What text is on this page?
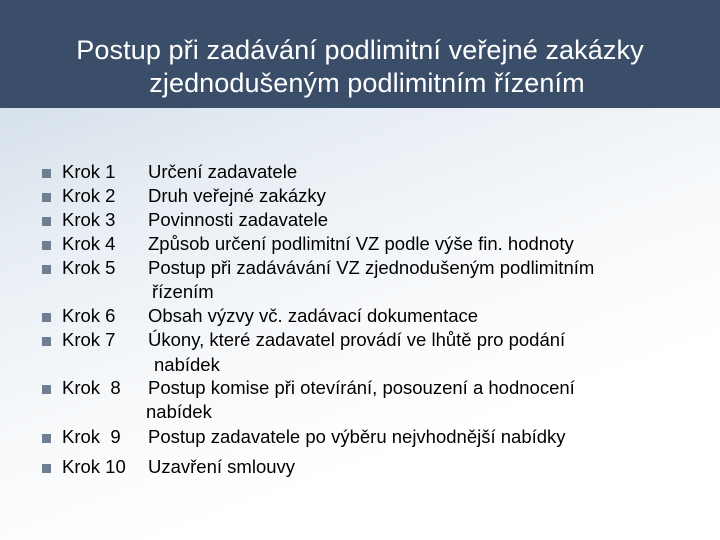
Postup při zadávání podlimitní veřejné zakázky
zjednodušeným podlimitním řízením
Krok 1 Určení zadavatele
Krok 2 Druh veřejné zakázky
Krok 3 Povinnosti zadavatele
Krok 4 Způsob určení podlimitní VZ podle výše fin. hodnoty
Krok 5 Postup při zadávávání VZ zjednodušeným podlimitním
řízením
Krok 6 Obsah výzvy vč. zadávací dokumentace
Krok 7 Úkony, které zadavatel provádí ve lhůtě pro podání
nabídek
Krok  8 Postup komise při otevírání, posouzení a hodnocení
nabídek
Krok  9 Postup zadavatele po výběru nejvhodnější nabídky
Krok 10 Uzavření smlouvy
